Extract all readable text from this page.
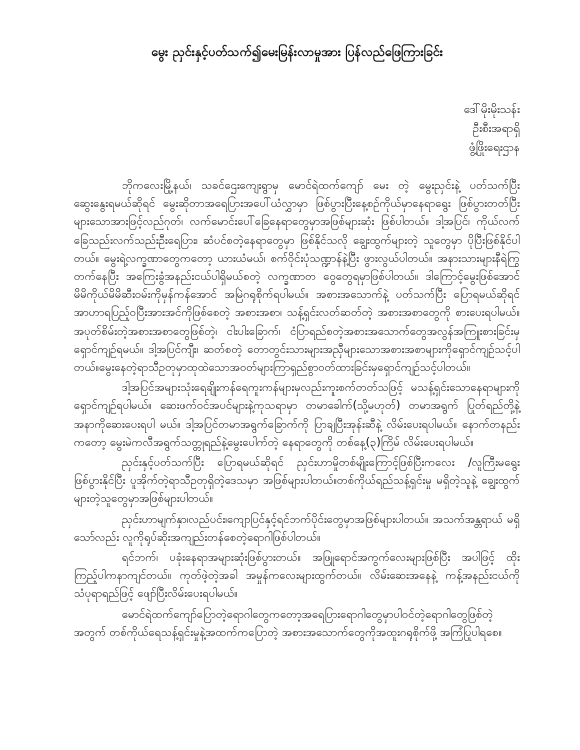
မွေး ညှင်းနှင့်ပတ်သက်၍မေးမြန်းလာမှုအား ပြန်လည်ဖြေကြားခြင်း
ဒေါ်မိုးမိုးသန်း
ဦးစီးအရာရှိ
ဖွံ့ဖြိုးရေးဌာန

ဘိုကလေးမြို့နယ်၊ သခင်ဌေးကျေးရွာမှ မောင်ရဲထက်ကျော် မေး တဲ့ မွေးညှင်းနဲ့ ပတ်သက်ပြီး ဆွေးနွေးရမယ်ဆိုရင် မွေးဆိုတာအရေပြားအပေါ်ယံလွှာမှာ ဖြစ်ပွားပြီးနေ့စဉ်ကိုယ်မှာနေရာရွေး ဖြစ်ပွားတတ်ပြီး များသောအားဖြင့်လည်ဂုတ်၊ လက်မောင်းပေါ်ခြေနေရာတွေမှာအဖြစ်များဆုံး ဖြစ်ပါတယ်။ ဒါ့အပြင်၊ ကိုယ်လက် ခြေသည်းလက်သည်းဦးရေပြား၊ ဆံပင်စတဲ့နေရာတွေမှာ ဖြစ်နိုင်သလို ချွေးထွက်များတဲ့ သူတွေမှာ ပိုပြီးဖြစ်နိုင်ပါတယ်။ မွေးရဲ့လက္ခဏာတွေကတော့ ယားယံမယ်၊ စက်ဝိုင်းပုံသဏ္ဍာန်နဲ့ပြီး ဖွားလွယ်ပါတယ်။ အနားသားများနီရဲကြွတက်နေပြီး အကြေးခွံအနည်းငယ်ပါရှိမယ်စတဲ့ လက္ခဏာတ ၀ွေတွေရမှာဖြစ်ပါတယ်။ ဒါကြောင့်မွေးဖြစ်အောင် မိမိကိုယ်မိမိဆီးဝမ်းကိုမှန်ကန်အောင် အမြဲဂရုစိုက်ရပါမယ်။ အစားအသောက်နဲ့ ပတ်သက်ပြီး ပြောရမယ်ဆိုရင်အာဟာရပြည့်ဝပြီးအားအင်ကိုဖြစ်စေတဲ့ အစားအစာ၊ သန့်ရှင်းလတ်ဆတ်တဲ့ အစားအစာတွေကို စားပေးရပါမယ်။ အပုတ်စိမ်းတဲ့အစားအစာတွေဖြစ်တဲ့၊ ငါးပါးခြောက်၊ ငံပြာရည်စတဲ့အစားအသောက်တွေအလွန်အကြူးစားခြင်းမှရှောင်ကျဉ်ရမယ်။ ဒါ့အပြင်ကျီး၊ ဆတ်စတဲ့ တောတွင်းသားများအညှီများသောအစားအစာများကိုရှောင်ကျဉ်သင့်ပါတယ်။မွေးနေတဲ့ရာသီဥတုမှာထုထဲသောအဝတ်များကြာရှည်စွာဝတ်ထားခြင်းမှရှောင်ကျဉ်သင့်ပါတယ်။

ဒါ့အပြင်အများသုံးရေချိုးကန်ရေကူးကန်များမှလည်းကူးစက်တတ်သဖြင့် မသန့်ရှင်းသောနေရာများကို ရှောင်ကျဉ်ရပါမယ်။ ဆေးဖက်ဝင်အပင်များနဲ့ကုသရာမှာ တမာခေါက်(သို့မဟုတ်) တမာအရွက် ပြုတ်ရည်တို့နဲ့ အနာကိုဆေးပေးရပါ မယ်။ ဒါ့အပြင်တမာအရွက်ခြောက်ကို ပြာချပြီးအုန်းဆီနဲ့ လိမ်းပေးရပါမယ်။ နောက်တနည်းကတော့ မွေးမဲကလီအရွက်သတ္တုရည်နဲ့မွေးပေါက်တဲ့ နေရာတွေကို တစ်နေ့(၃)ကြိမ် လိမ်းပေးရပါမယ်။

ညှင်းနှင့်ပတ်သက်ပြီး ပြောရမယ်ဆိုရင် ညှင်းဟာမှိုတစ်မျိုးကြောင့်ဖြစ်ပြီးကလေး /လူကြီးမရွေး ဖြစ်ပွားနိုင်ပြီး ပူအိုက်တဲ့ရာသီဥတုရှိတဲ့ဒေသမှာ အဖြစ်များပါတယ်။တစ်ကိုယ်ရည်သန့်ရှင်းမှု မရှိတဲ့သူနဲ့ ချွေးထွက်များတဲ့သူတွေမှာအဖြစ်များပါတယ်။

ညှင်းဟာမျက်နှာ၊လည်ပင်း၊ကျောပြင်နှင့်ရင်ဘက်ပိုင်းတွေမှာအဖြစ်များပါတယ်။ အသက်အန္တရာယ် မရှိသော်လည်း လူကိုရုပ်ဆိုးအကျည်းတန်စေတဲ့ရောဂါဖြစ်ပါတယ်။

ရင်ဘက်၊ ပခုံးနေရာအများဆုံးဖြစ်ပွားတယ်။ အဖြူရောင်အကွက်လေးများဖြစ်ပြီး အပါဖြင့် ထိုးကြည့်ပါကနာကျင်တယ်။ ကုတ်ဖဲ့တဲ့အခါ အမှုန်ကလေးများထွက်တယ်။ လိမ်းဆေးအနေနဲ့ ကန့်အနည်းငယ်ကိုသံပုရာရည်ဖြင့် ဖျော်ပြီးလိမ်းပေးရပါမယ်။

မောင်ရဲထက်ကျော်ပြောတဲ့ရောဂါတွေကတော့အရေပြားရောဂါတွေမှာပါဝင်တဲ့ရောဂါတွေဖြစ်တဲ့ အတွက် တစ်ကိုယ်ရေသန့်ရှင်းမှုနဲ့အထက်ကပြောတဲ့ အစားအသောက်တွေကိုအထူးဂရုစိုက်ဖို့ အကြံပြုပါရစေ။
